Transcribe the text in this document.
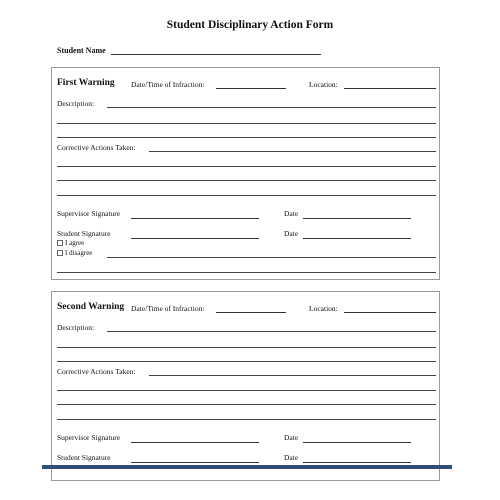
Student Disciplinary Action Form
Student Name
First Warning Date/Time of Infraction:	Location:
Description:
Corrective Actions Taken:
Supervisor Signature	Date
Student Signature	Date
I agree
I disagree
Second Warning Date/Time of Infraction:	Location:
Description:
Corrective Actions Taken:
Supervisor Signature	Date
Student Signature	Date
